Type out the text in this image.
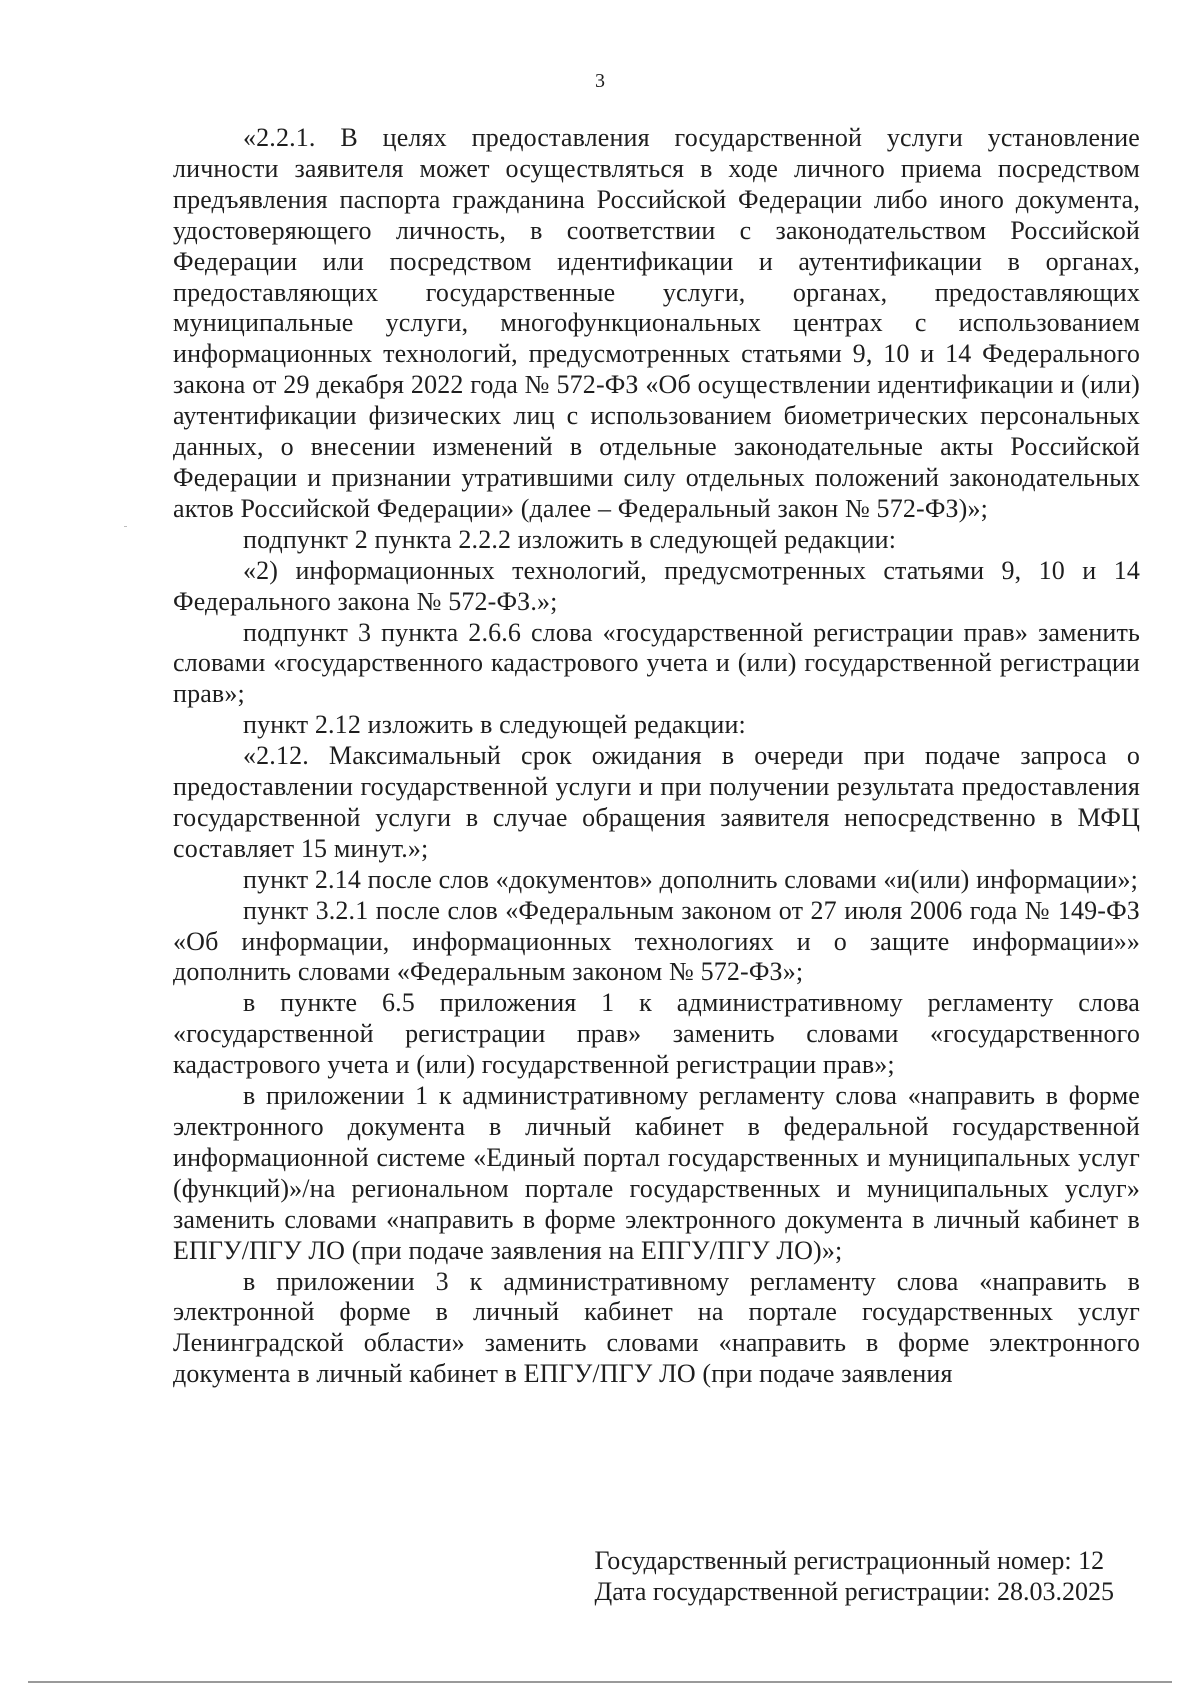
3

«2.2.1. В целях предоставления государственной услуги установление личности заявителя может осуществляться в ходе личного приема посредством предъявления паспорта гражданина Российской Федерации либо иного документа, удостоверяющего личность, в соответствии с законодательством Российской Федерации или посредством идентификации и аутентификации в органах, предоставляющих государственные услуги, органах, предоставляющих муниципальные услуги, многофункциональных центрах с использованием информационных технологий, предусмотренных статьями 9, 10 и 14 Федерального закона от 29 декабря 2022 года № 572-ФЗ «Об осуществлении идентификации и (или) аутентификации физических лиц с использованием биометрических персональных данных, о внесении изменений в отдельные законодательные акты Российской Федерации и признании утратившими силу отдельных положений законодательных актов Российской Федерации» (далее – Федеральный закон № 572-ФЗ)»;

подпункт 2 пункта 2.2.2 изложить в следующей редакции:

«2) информационных технологий, предусмотренных статьями 9, 10 и 14 Федерального закона № 572-ФЗ.»;

подпункт 3 пункта 2.6.6 слова «государственной регистрации прав» заменить словами «государственного кадастрового учета и (или) государственной регистрации прав»;

пункт 2.12 изложить в следующей редакции:

«2.12. Максимальный срок ожидания в очереди при подаче запроса о предоставлении государственной услуги и при получении результата предоставления государственной услуги в случае обращения заявителя непосредственно в МФЦ составляет 15 минут.»;

пункт 2.14 после слов «документов» дополнить словами «и(или) информации»;

пункт 3.2.1 после слов «Федеральным законом от 27 июля 2006 года № 149-ФЗ «Об информации, информационных технологиях и о защите информации»» дополнить словами «Федеральным законом № 572-ФЗ»;

в пункте 6.5 приложения 1 к административному регламенту слова «государственной регистрации прав» заменить словами «государственного кадастрового учета и (или) государственной регистрации прав»;

в приложении 1 к административному регламенту слова «направить в форме электронного документа в личный кабинет в федеральной государственной информационной системе «Единый портал государственных и муниципальных услуг (функций)»/на региональном портале государственных и муниципальных услуг» заменить словами «направить в форме электронного документа в личный кабинет в ЕПГУ/ПГУ ЛО (при подаче заявления на ЕПГУ/ПГУ ЛО)»;

в приложении 3 к административному регламенту слова «направить в электронной форме в личный кабинет на портале государственных услуг Ленинградской области» заменить словами «направить в форме электронного документа в личный кабинет в ЕПГУ/ПГУ ЛО (при подаче заявления

Государственный регистрационный номер: 12
Дата государственной регистрации: 28.03.2025
